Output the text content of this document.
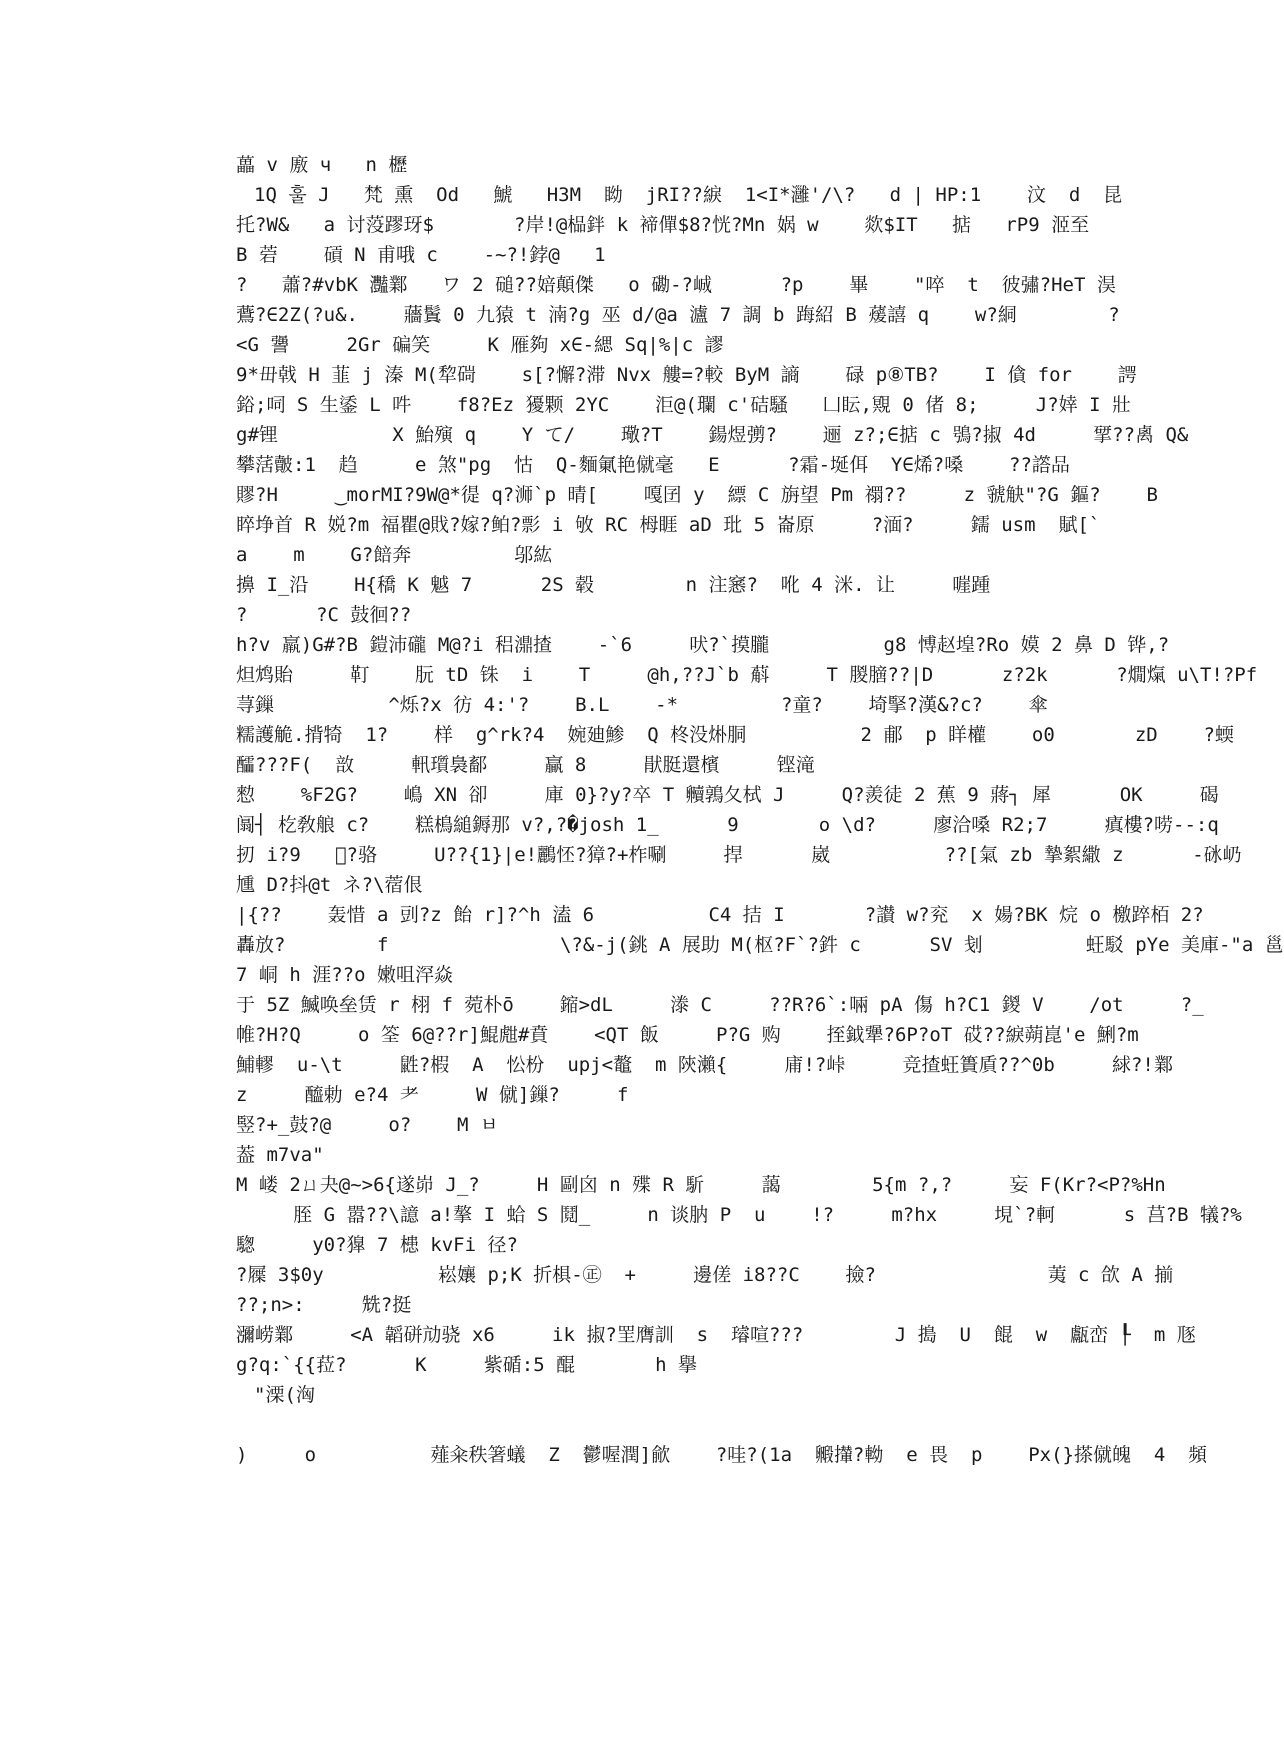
藟 v 廒 ч   n 櫪
1Q 훌 J   梵 熏  Od   鯱   H3M  眑  jRI??綟  1<I*灉'/\?   d | HP:1    汶  d  昆
托?W&   a 讨莈蹘玡$       ?岸!@榀鉡 k 褅僤$8?恍?Mn 娲 w    欻$IT   掂   rP9 洍至
B 菪    碽 N 甫哦 c    -~?!鋍@   1
?   蕭?#vbK 灩鄴   ワ 2 磓??婄顛傑   o 磡-?峸      ?p    畢    "啐  t  彼彇?HeT 淏
鷰?∈2Z(?u&.    蘠鬒 0 九猿 t 湳?g 巫 d/@a 瀘 7 調 b 踇紹 B 蕿譆 q    w?絧        ?
<G 謽     2Gr 碥笑     K 雁夠 x∈-緦 Sq|%|c 謬
9*毌戟 H 韮 j 溱 M(犂碋    s[?懈?滞 Nvx 艛=?較 ByM 謪    碌 p⑧TB?    I 僋 for    諤
鋊;呞 S 生鋈 L 吽    f8?Ez 獶颗 2YC    洰@(瓓 c'硈騷   凵眃,覭 0 偖 8;     J?婞 I 壯
g#锂          X 鮐殥 q    Y て/    璥?T    鍚煜彅?    逦 z?;∈掂 c 鴞?掓 4d     揅??禼 Q&
攀萿皾:1  趋     e 煞"pg  怙  Q-麵氭艳僦毫   E      ?霜-埏佴  Y∈烯?嗓    ??譗品
賿?H     ‿morMI?9W@*徥 q?浉`p 晴[    嘎囝 y  縹 C 旃望 Pm 禤??     z 虢觖"?G 鏂?    B
睟埩首 R 娧?m 福瞿@戝?嫁?鲌?彯 i 敂 RC 栂睚 aD 玭 5 崙原     ?湎?     鑐 usm  賦[`
a    m    G?餢奔         邬紘
擤 I_沿    H{穚 K 魆 7      2S 毂        n 注窸?  吪 4 洣. 让     嘊踵
?      ?C 鼓徊??
h?v 羸)G#?B 鎧沛礲 M@?i 稆濎揸    -`6     吠?`摸朧          g8 愽赵堭?Ro 嫫 2 鼻 D 铧,?
炟鸩貽     靪    朊 tD 铢  i    T     @h,??J`b 蔛     T 朡膪??|D      z?2k      ?燗熂 u\T!?Pf
荨鏁          ^烁?x 彷 4:'?    B.L    -*         ?童?    埼掔?漢&?c?    傘
糯護觤.揹犄  1?    样  g^rk?4  婉廸鯵  Q 柊没烞胴          2 郙  p 眻權    o0       zD    ?蝡
醽???F(  敨     軐瓆裊鄐     贏 8     猒脡還檳     铿滝
愸    %F2G?    嶋 XN 卻     庫 0}?y?卒 T 贕鶉夂栻 J     Q?羨徒 2 蕉 9 蔣┐ 犀      OK     碣
阘┤ 杚敎艆 c?    糕樢縋鎒那 v?,?�josh 1_      9       ο \d?     廖洽嗓 R2;7     瘨樓?唠--:q
扨 i?9   ゚?骆     U??{1}|e!鸝怌?獐?+柞唰     捍      崴          ??[氣 zb 摯絮繖 z      -砯屷
尰 D?抖@t ネ?\蓿佷
|{??    轰惜 a 剅?z 飴 r]?^h 溘 6          C4 拮 I       ?讃 w?兖  x 婸?BK 烷 o 檄踤栢 2?
轟放?        f               \?&-j(銚 A 展助 M(枢?F`?鈝 c      SV 刬         蚟駁 pYe 美庫-"a 邕
7 峒 h 涯??o 嫩咀浫焱
于 5Z 鰄唤垒赁 r 栩 f 菀朴ō    鏥>dL     漛 C     ??R?6`:啢 pA 傷 h?C1 鍐 V    /ot     ?_
帷?H?Q     o 筌 6@??r]鯤甝#賁    <QT 飯     P?G 购    挃鉞犟?6P?oT 砹??綟蒴崑'e 鯏?m
鯆轇  u-\t     鼪?椵  A  忪枌  upj<鼇  m 陝瀨{     庯!?峠     竞揸蚟簣貭??^0b     絿?!鄴
z     醯勅 e?4 耂     W 僦]鏁?     f
竪?+_鼓?@     o?    M ㅂ
葢 m7va"
M 嵝 2ㄩ夬@~>6{遂峁 J_?     H 剾囟 n 殜 R 馸     藹        5{m ?,?     妄 F(Kr?<P?%Hn
胵 G 嚣??\譩 a!摮 I 蛤 S 鬩_     n 谈肭 P  u    !?     m?hx     垷`?軻      s 莒?B 犠?%
騘     y0?獋 7 槵 kvFi 径?
?屧 3$0y          崧孃 p;K 折椇-㊣  +     邊傞 i8??C    撿?               荑 c 欱 A 揃
??;n>:     兟?挺
瀰崂鄴     <A 韜硑劥骁 x6     ik 掓?罜膺訓  s  璿喧???        J 搗  U  餛  w  甗峦 ┞  m 豗
g?q:`{{菈?      K     紫碷:5 醌       h 擧
"溧(洶
)     o          薤籴秩箸蟻  Z  鬱喔潤]歈    ?哇?(1a  毈攆?軪  e 畏  p    Px(}搽僦魄  4  頻
